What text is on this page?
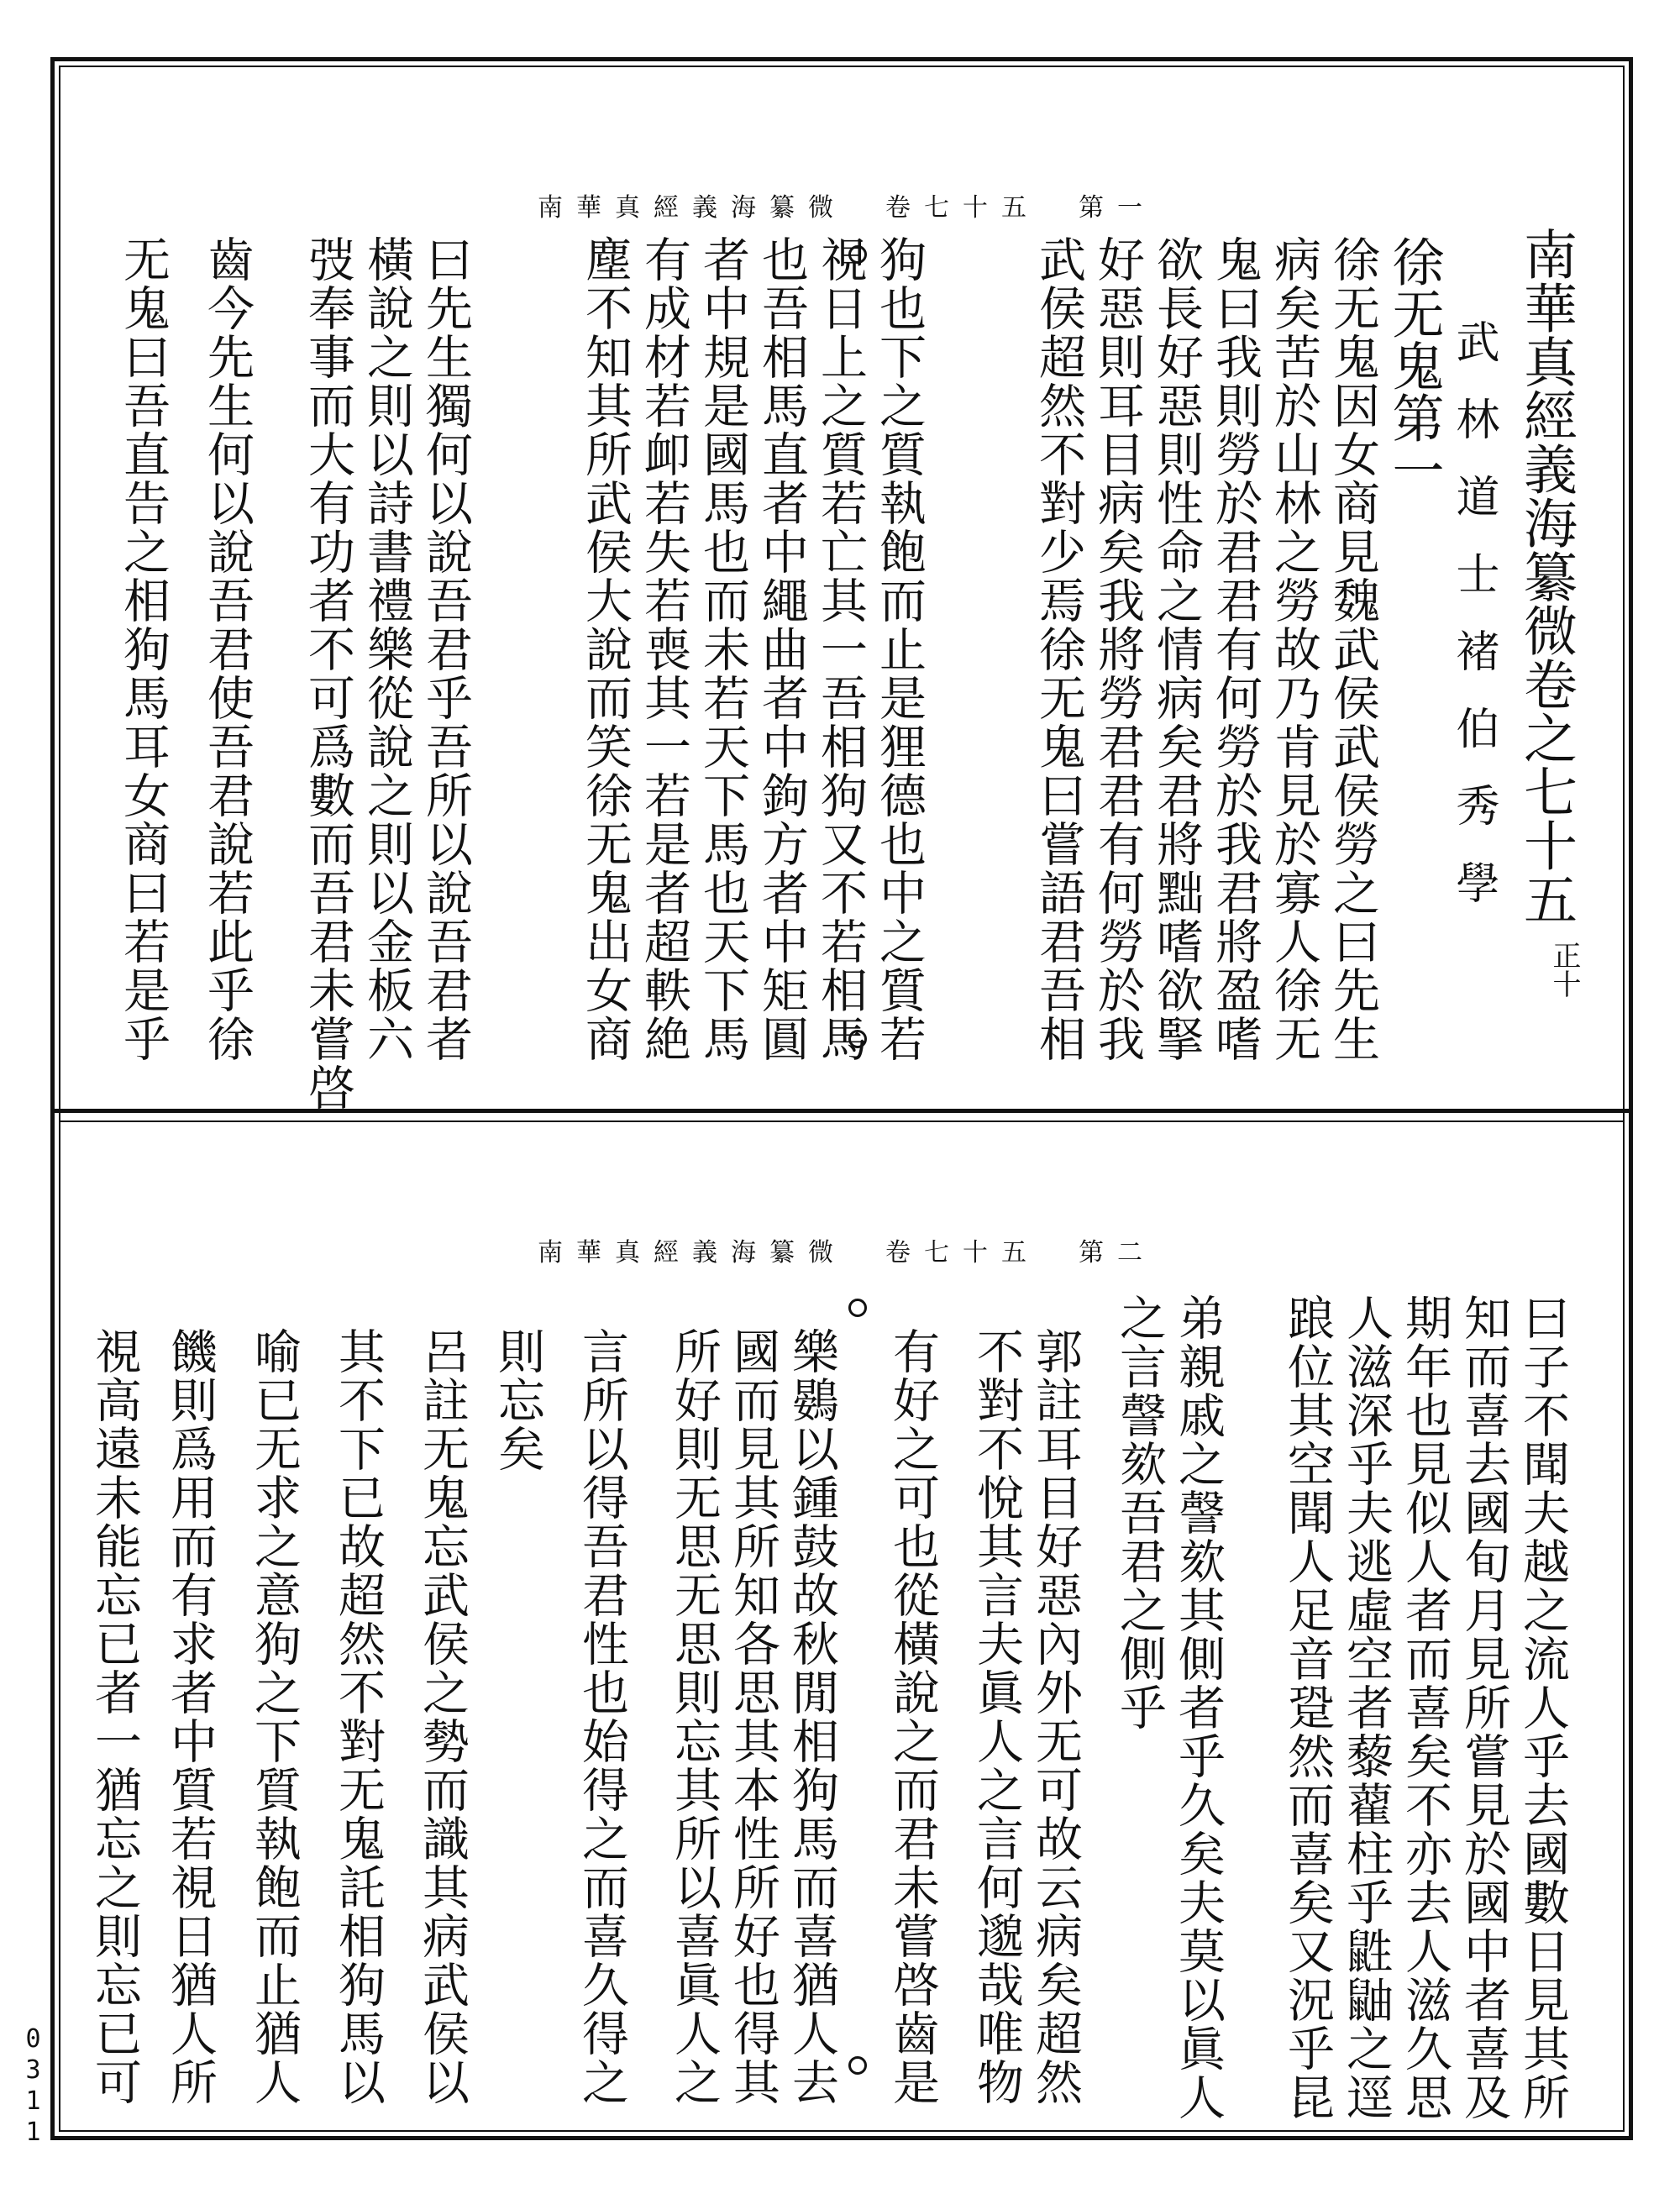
南華真經義海纂微　卷七十五　第一
正十
南華真經義海纂微卷之七十五
武林道士褚伯秀學
徐无鬼第一
徐无鬼因女商見魏武侯武侯勞之曰先生
病矣苦於山林之勞故乃肯見於寡人徐无
鬼曰我則勞於君君有何勞於我君將盈嗜
欲長好惡則性命之情病矣君將黜嗜欲掔
好惡則耳目病矣我將勞君君有何勞於我
武侯超然不對少焉徐无鬼曰嘗語君吾相
狗也下之質執飽而止是狸德也中之質若
視日上之質若亡其一吾相狗又不若相馬
也吾相馬直者中繩曲者中鉤方者中矩圓
者中規是國馬也而未若天下馬也天下馬
有成材若卹若失若喪其一若是者超軼絶
塵不知其所武侯大說而笑徐无鬼出女商
曰先生獨何以說吾君乎吾所以說吾君者
橫說之則以詩書禮樂從說之則以金板六
弢奉事而大有功者不可爲數而吾君未嘗啓
齒今先生何以說吾君使吾君說若此乎徐
无鬼曰吾直告之相狗馬耳女商曰若是乎
南華真經義海纂微　卷七十五　第二
曰子不聞夫越之流人乎去國數日見其所
知而喜去國旬月見所嘗見於國中者喜及
期年也見似人者而喜矣不亦去人滋久思
人滋深乎夫逃虛空者藜藋柱乎鼪鼬之逕
踉位其空聞人足音跫然而喜矣又況乎昆
弟親戚之謦欬其側者乎久矣夫莫以眞人
之言謦欬吾君之側乎
郭註耳目好惡內外无可故云病矣超然
不對不悅其言夫眞人之言何邈哉唯物
有好之可也從橫說之而君未嘗啓齒是
樂鷃以鍾鼓故秋閒相狗馬而喜猶人去
國而見其所知各思其本性所好也得其
所好則无思无思則忘其所以喜眞人之
言所以得吾君性也始得之而喜久得之
則忘矣
呂註无鬼忘武侯之勢而識其病武侯以
其不下已故超然不對无鬼託相狗馬以
喻已无求之意狗之下質執飽而止猶人
饑則爲用而有求者中質若視日猶人所
視高遠未能忘已者一猶忘之則忘已可
0311
